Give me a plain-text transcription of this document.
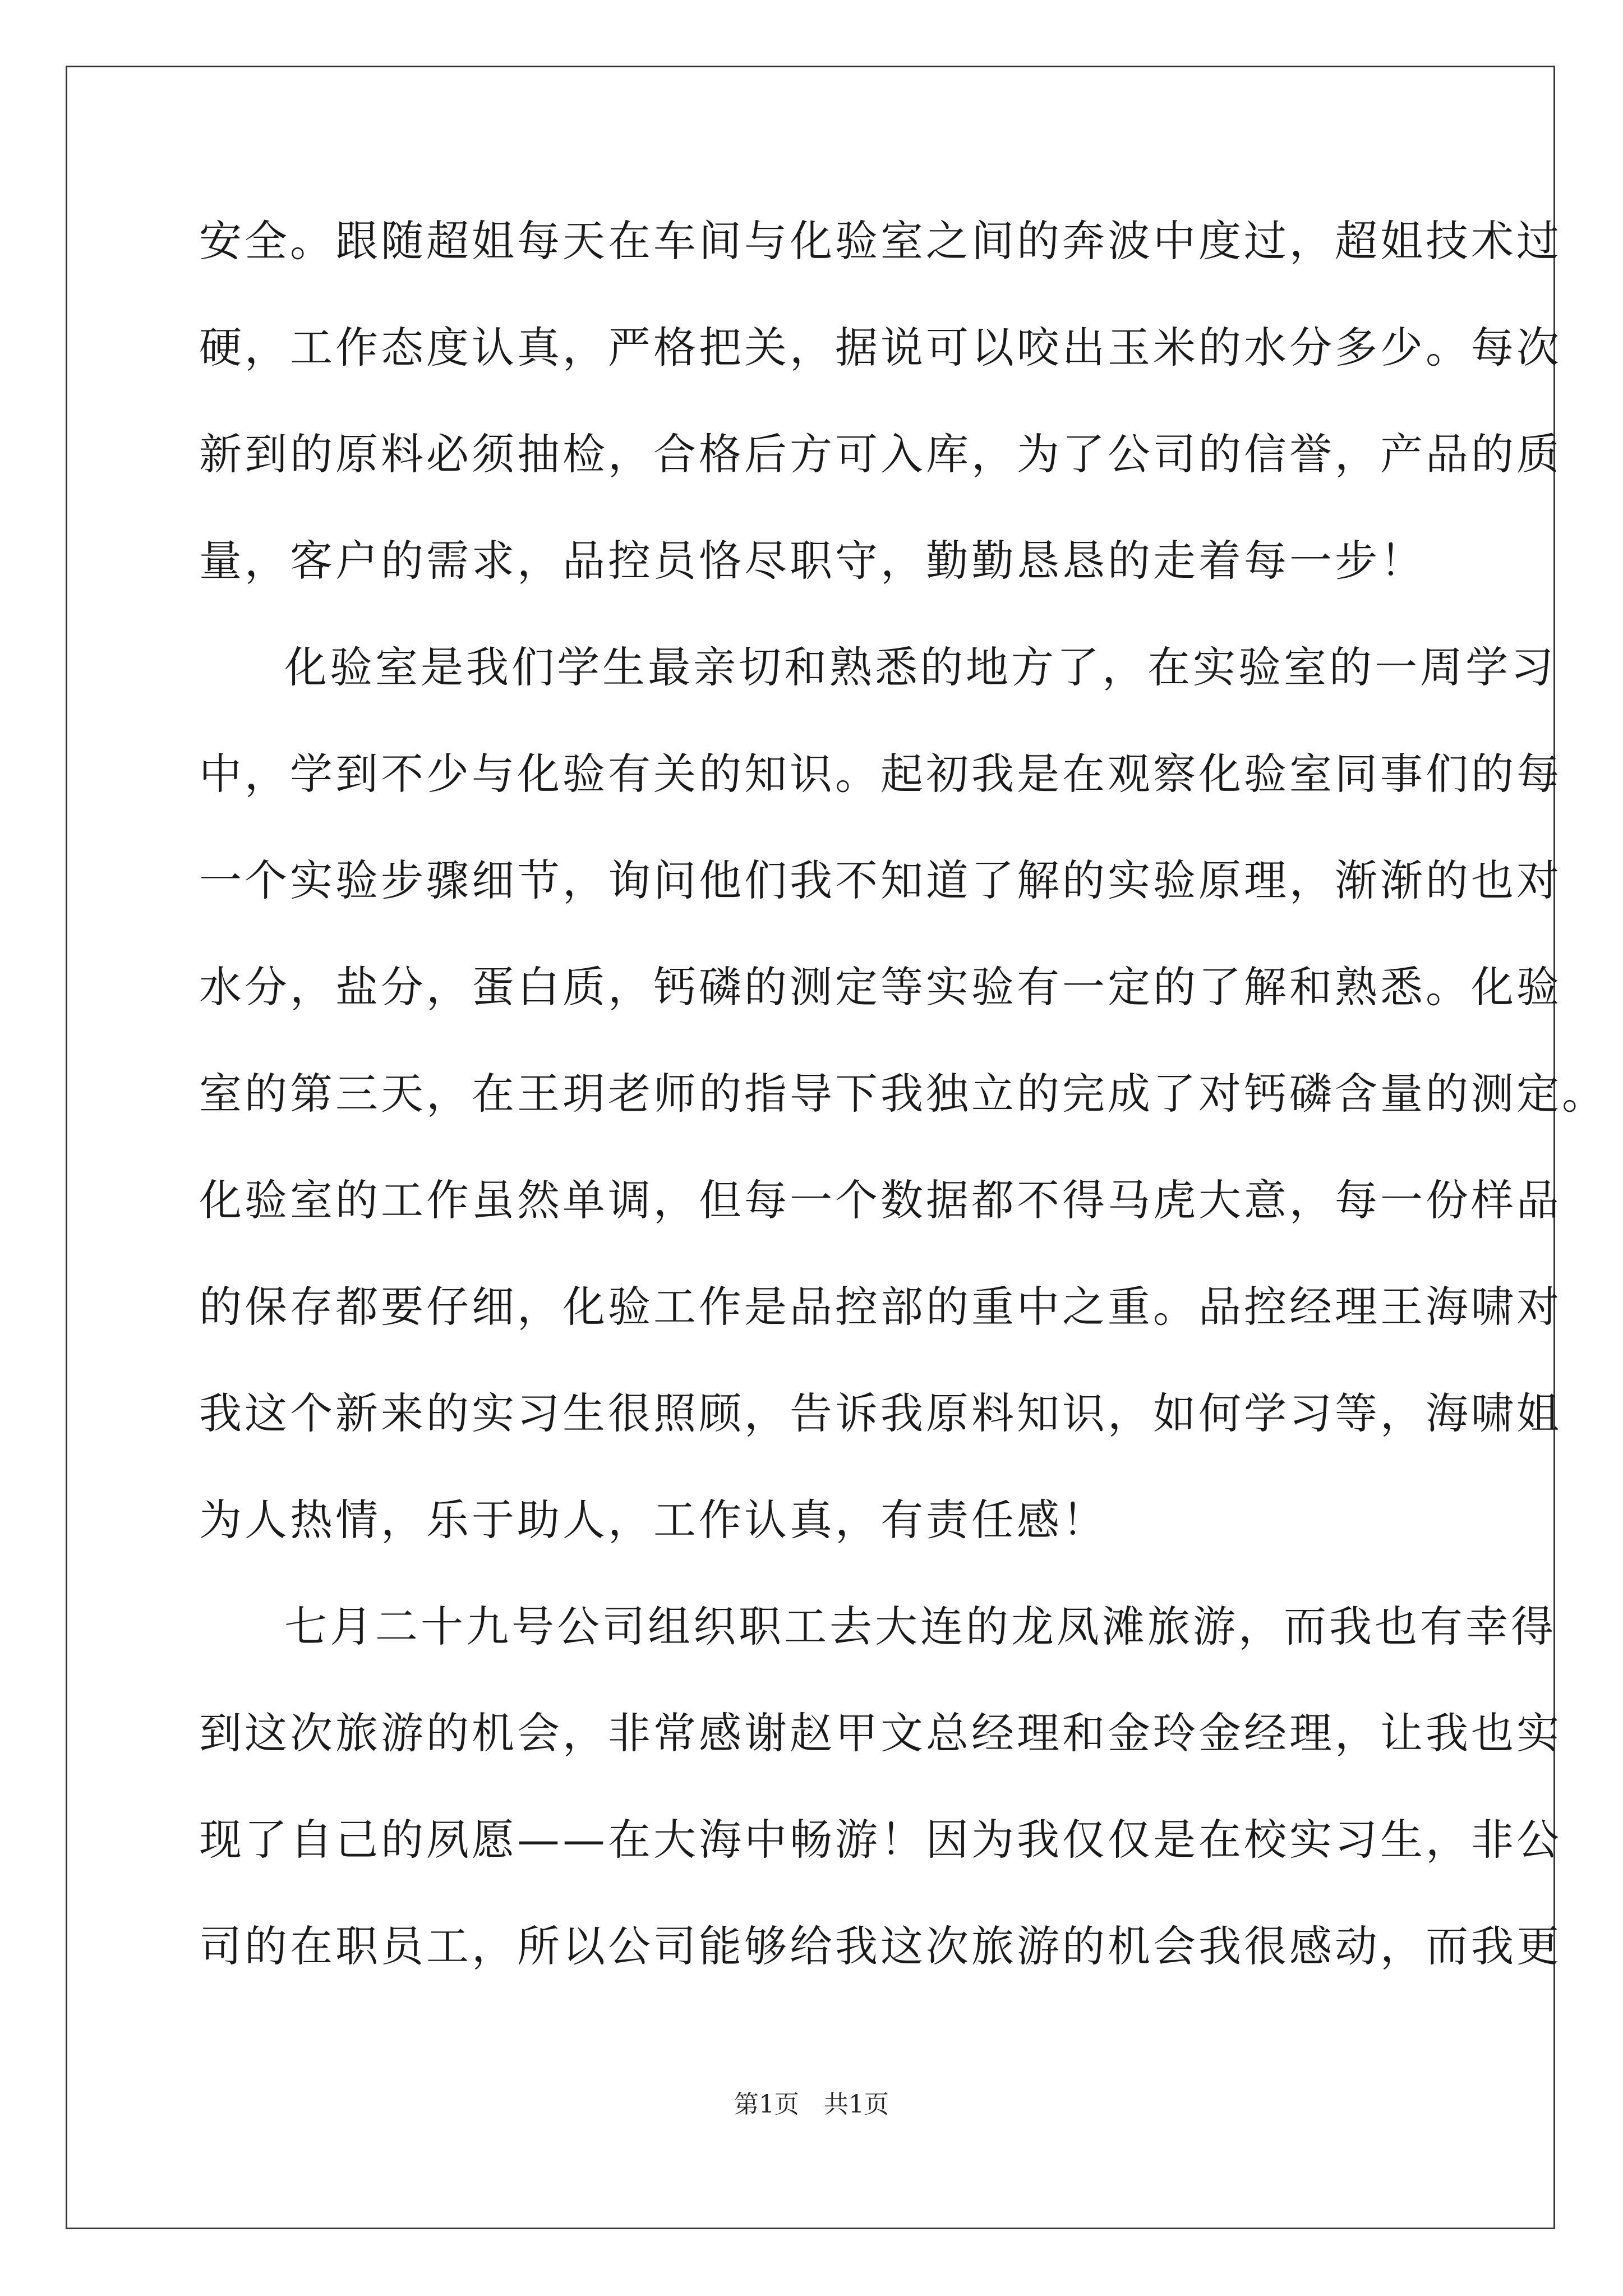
安全。跟随超姐每天在车间与化验室之间的奔波中度过，超姐技术过
硬，工作态度认真，严格把关，据说可以咬出玉米的水分多少。每次
新到的原料必须抽检，合格后方可入库，为了公司的信誉，产品的质
量，客户的需求，品控员恪尽职守，勤勤恳恳的走着每一步！
化验室是我们学生最亲切和熟悉的地方了，在实验室的一周学习
中，学到不少与化验有关的知识。起初我是在观察化验室同事们的每
一个实验步骤细节，询问他们我不知道了解的实验原理，渐渐的也对
水分，盐分，蛋白质，钙磷的测定等实验有一定的了解和熟悉。化验
室的第三天，在王玥老师的指导下我独立的完成了对钙磷含量的测定。
化验室的工作虽然单调，但每一个数据都不得马虎大意，每一份样品
的保存都要仔细，化验工作是品控部的重中之重。品控经理王海啸对
我这个新来的实习生很照顾，告诉我原料知识，如何学习等，海啸姐
为人热情，乐于助人，工作认真，有责任感！
七月二十九号公司组织职工去大连的龙凤滩旅游，而我也有幸得
到这次旅游的机会，非常感谢赵甲文总经理和金玲金经理，让我也实
现了自己的夙愿——在大海中畅游！因为我仅仅是在校实习生，非公
司的在职员工，所以公司能够给我这次旅游的机会我很感动，而我更
第1页 共1页
